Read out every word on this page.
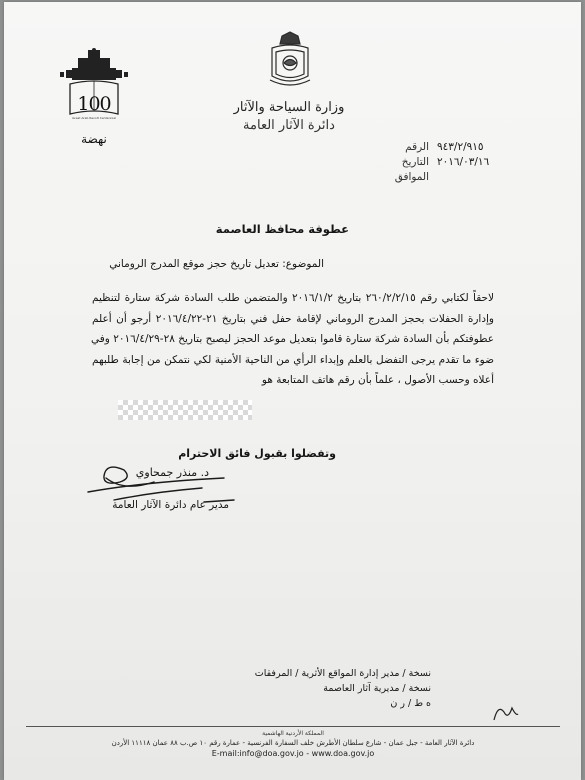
100
Great Arab Revolt Centennial
نهضة
وزارة السياحة والآثار
دائرة الآثار العامة
الرقم ٩٤٣/٢/٩١٥
التاريخ ٢٠١٦/٠٣/١٦
الموافق
عطوفة محافظ العاصمة
الموضوع: تعديل تاريخ حجز موقع المدرج الروماني
لاحقاً لكتابي رقم ٢٦٠/٢/٢/١٥ بتاريخ ٢٠١٦/١/٢ والمتضمن طلب السادة شركة ستارة لتنظيم
وإدارة الحفلات بحجز المدرج الروماني لإقامة حفل فني بتاريخ ٢١-٢٠١٦/٤/٢٢ أرجو أن أعلم
عطوفتكم بأن السادة شركة ستارة قاموا بتعديل موعد الحجز ليصبح بتاريخ ٢٨-٢٠١٦/٤/٢٩ وفي
ضوء ما تقدم يرجى التفضل بالعلم وإبداء الرأي من الناحية الأمنية لكي نتمكن من إجابة طلبهم
أعلاه وحسب الأصول ، علماً بأن رقم هاتف المتابعة هو
وتفضلوا بقبول فائق الاحترام
د. منذر جمحاوي
مدير عام دائرة الآثار العامة
نسخة / مدير إدارة المواقع الأثرية / المرفقات
نسخة / مديرية آثار العاصمة
ه ط / ر ن
المملكة الأردنية الهاشمية
دائرة الآثار العامة - جبل عمان - شارع سلطان الأطرش خلف السفارة الفرنسية - عمارة رقم ١٠ ص.ب ٨٨ عمان ١١١١٨ الأردن
E-mail:info@doa.gov.jo - www.doa.gov.jo
